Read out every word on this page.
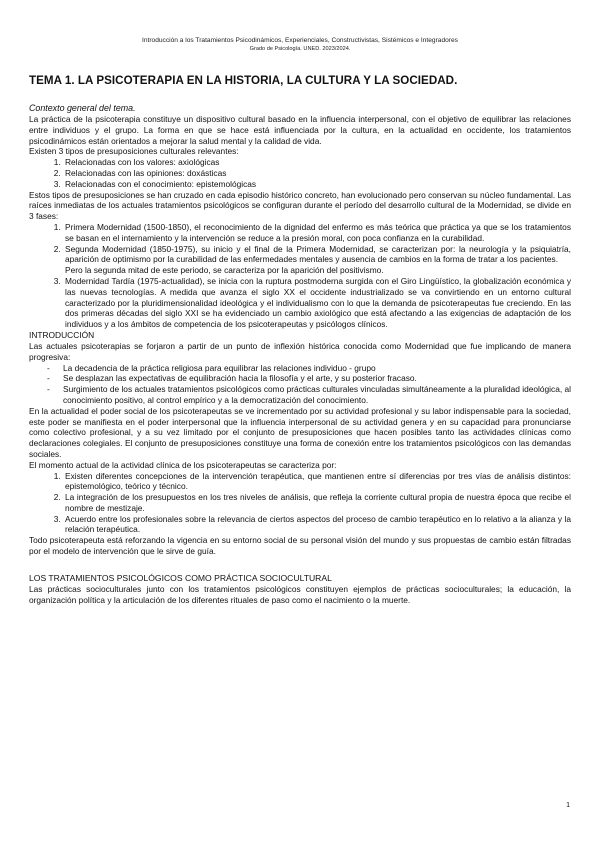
Introducción a los Tratamientos Psicodinámicos, Experienciales, Constructivistas, Sistémicos e Integradores
Grado de Psicología. UNED. 2023/2024.
TEMA 1. LA PSICOTERAPIA EN LA HISTORIA, LA CULTURA Y LA SOCIEDAD.
Contexto general del tema.

La práctica de la psicoterapia constituye un dispositivo cultural basado en la influencia interpersonal, con el objetivo de equilibrar las relaciones entre individuos y el grupo. La forma en que se hace está influenciada por la cultura, en la actualidad en occidente, los tratamientos psicodinámicos están orientados a mejorar la salud mental y la calidad de vida.

Existen 3 tipos de presuposiciones culturales relevantes:

1. Relacionadas con los valores: axiológicas
2. Relacionadas con las opiniones: doxásticas
3. Relacionadas con el conocimiento: epistemológicas

Estos tipos de presuposiciones se han cruzado en cada episodio histórico concreto, han evolucionado pero conservan su núcleo fundamental. Las raíces inmediatas de los actuales tratamientos psicológicos se configuran durante el período del desarrollo cultural de la Modernidad, se divide en 3 fases:

1. Primera Modernidad (1500-1850), el reconocimiento de la dignidad del enfermo es más teórica que práctica ya que se los tratamientos se basan en el internamiento y la intervención se reduce a la presión moral, con poca confianza en la curabilidad.
2. Segunda Modernidad (1850-1975), su inicio y el final de la Primera Modernidad, se caracterizan por: la neurología y la psiquiatría, aparición de optimismo por la curabilidad de las enfermedades mentales y ausencia de cambios en la forma de tratar a los pacientes.
Pero la segunda mitad de este periodo, se caracteriza por la aparición del positivismo.
3. Modernidad Tardía (1975-actualidad), se inicia con la ruptura postmoderna surgida con el Giro Lingüístico, la globalización económica y las nuevas tecnologías. A medida que avanza el siglo XX el occidente industrializado se va convirtiendo en un entorno cultural caracterizado por la pluridimensionalidad ideológica y el individualismo con lo que la demanda de psicoterapeutas fue creciendo. En las dos primeras décadas del siglo XXI se ha evidenciado un cambio axiológico que está afectando a las exigencias de adaptación de los individuos y a los ámbitos de competencia de los psicoterapeutas y psicólogos clínicos.
INTRODUCCIÓN

Las actuales psicoterapias se forjaron a partir de un punto de inflexión histórica conocida como Modernidad que fue implicando de manera progresiva:

- La decadencia de la práctica religiosa para equilibrar las relaciones individuo - grupo
- Se desplazan las expectativas de equilibración hacia la filosofía y el arte, y su posterior fracaso.
- Surgimiento de los actuales tratamientos psicológicos como prácticas culturales vinculadas simultáneamente a la pluralidad ideológica, al conocimiento positivo, al control empírico y a la democratización del conocimiento.

En la actualidad el poder social de los psicoterapeutas se ve incrementado por su actividad profesional y su labor indispensable para la sociedad, este poder se manifiesta en el poder interpersonal que la influencia interpersonal de su actividad genera y en su capacidad para pronunciarse como colectivo profesional, y a su vez limitado por el conjunto de presuposiciones que hacen posibles tanto las actividades clínicas como declaraciones colegiales. El conjunto de presuposiciones constituye una forma de conexión entre los tratamientos psicológicos con las demandas sociales.

El momento actual de la actividad clínica de los psicoterapeutas se caracteriza por:

1. Existen diferentes concepciones de la intervención terapéutica, que mantienen entre sí diferencias por tres vías de análisis distintos: epistemológico, teórico y técnico.
2. La integración de los presupuestos en los tres niveles de análisis, que refleja la corriente cultural propia de nuestra época que recibe el nombre de mestizaje.
3. Acuerdo entre los profesionales sobre la relevancia de ciertos aspectos del proceso de cambio terapéutico en lo relativo a la alianza y la relación terapéutica.

Todo psicoterapeuta está reforzando la vigencia en su entorno social de su personal visión del mundo y sus propuestas de cambio están filtradas por el modelo de intervención que le sirve de guía.

LOS TRATAMIENTOS PSICOLÓGICOS COMO PRÁCTICA SOCIOCULTURAL

Las prácticas socioculturales junto con los tratamientos psicológicos constituyen ejemplos de prácticas socioculturales; la educación, la organización política y la articulación de los diferentes rituales de paso como el nacimiento o la muerte.

1
